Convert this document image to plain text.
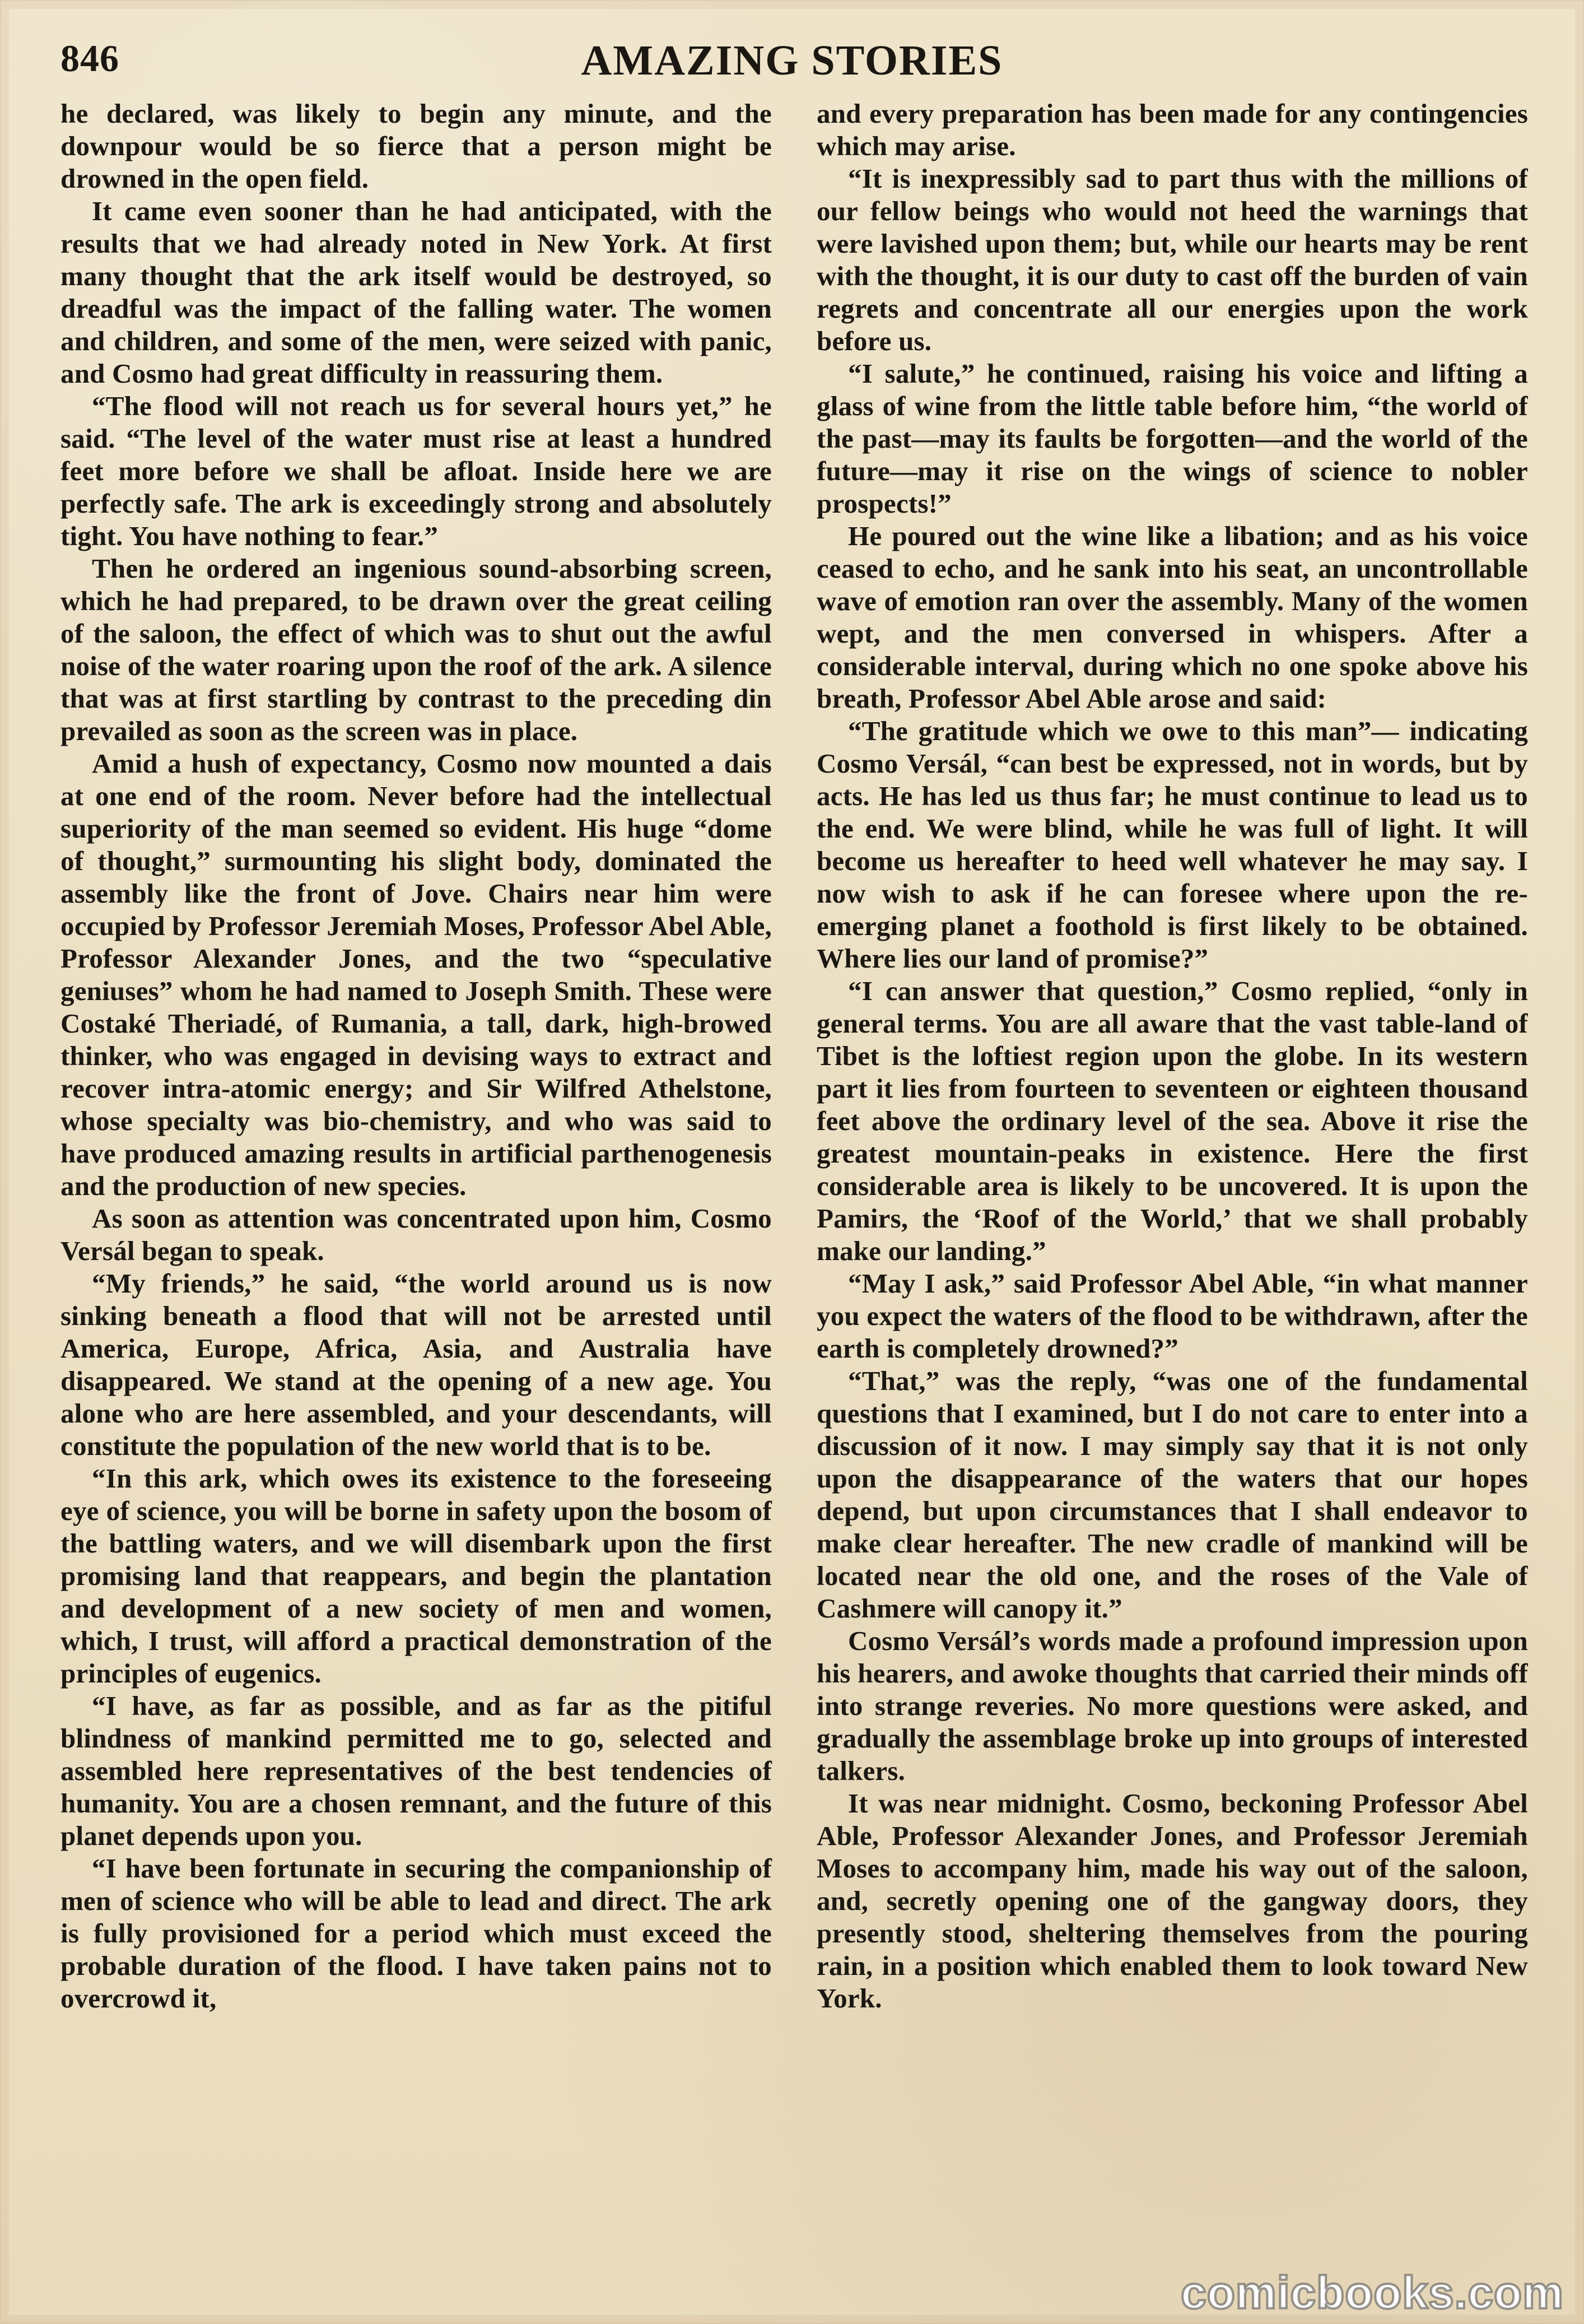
846	AMAZING STORIES

he declared, was likely to begin any minute, and the downpour would be so fierce that a person might be drowned in the open field.

It came even sooner than he had anticipated, with the results that we had already noted in New York. At first many thought that the ark itself would be destroyed, so dreadful was the impact of the falling water. The women and children, and some of the men, were seized with panic, and Cosmo had great difficulty in reassuring them.

“The flood will not reach us for several hours yet,” he said. “The level of the water must rise at least a hundred feet more before we shall be afloat. Inside here we are perfectly safe. The ark is exceedingly strong and absolutely tight. You have nothing to fear.”

Then he ordered an ingenious sound-absorbing screen, which he had prepared, to be drawn over the great ceiling of the saloon, the effect of which was to shut out the awful noise of the water roaring upon the roof of the ark. A silence that was at first startling by contrast to the preceding din prevailed as soon as the screen was in place.

Amid a hush of expectancy, Cosmo now mounted a dais at one end of the room. Never before had the intellectual superiority of the man seemed so evident. His huge “dome of thought,” surmounting his slight body, dominated the assembly like the front of Jove. Chairs near him were occupied by Professor Jeremiah Moses, Professor Abel Able, Professor Alexander Jones, and the two “speculative geniuses” whom he had named to Joseph Smith. These were Costaké Theriadé, of Rumania, a tall, dark, high-browed thinker, who was engaged in devising ways to extract and recover intra-atomic energy; and Sir Wilfred Athelstone, whose specialty was bio-chemistry, and who was said to have produced amazing results in artificial parthenogenesis and the production of new species.

As soon as attention was concentrated upon him, Cosmo Versál began to speak.

“My friends,” he said, “the world around us is now sinking beneath a flood that will not be arrested until America, Europe, Africa, Asia, and Australia have disappeared. We stand at the opening of a new age. You alone who are here assembled, and your descendants, will constitute the population of the new world that is to be.

“In this ark, which owes its existence to the foreseeing eye of science, you will be borne in safety upon the bosom of the battling waters, and we will disembark upon the first promising land that reappears, and begin the plantation and development of a new society of men and women, which, I trust, will afford a practical demonstration of the principles of eugenics.

“I have, as far as possible, and as far as the pitiful blindness of mankind permitted me to go, selected and assembled here representatives of the best tendencies of humanity. You are a chosen remnant, and the future of this planet depends upon you.

“I have been fortunate in securing the companionship of men of science who will be able to lead and direct. The ark is fully provisioned for a period which must exceed the probable duration of the flood. I have taken pains not to overcrowd it,

and every preparation has been made for any contingencies which may arise.

“It is inexpressibly sad to part thus with the millions of our fellow beings who would not heed the warnings that were lavished upon them; but, while our hearts may be rent with the thought, it is our duty to cast off the burden of vain regrets and concentrate all our energies upon the work before us.

“I salute,” he continued, raising his voice and lifting a glass of wine from the little table before him, “the world of the past—may its faults be forgotten—and the world of the future—may it rise on the wings of science to nobler prospects!”

He poured out the wine like a libation; and as his voice ceased to echo, and he sank into his seat, an uncontrollable wave of emotion ran over the assembly. Many of the women wept, and the men conversed in whispers. After a considerable interval, during which no one spoke above his breath, Professor Abel Able arose and said:

“The gratitude which we owe to this man”— indicating Cosmo Versál, “can best be expressed, not in words, but by acts. He has led us thus far; he must continue to lead us to the end. We were blind, while he was full of light. It will become us hereafter to heed well whatever he may say. I now wish to ask if he can foresee where upon the re-emerging planet a foothold is first likely to be obtained. Where lies our land of promise?”

“I can answer that question,” Cosmo replied, “only in general terms. You are all aware that the vast table-land of Tibet is the loftiest region upon the globe. In its western part it lies from fourteen to seventeen or eighteen thousand feet above the ordinary level of the sea. Above it rise the greatest mountain-peaks in existence. Here the first considerable area is likely to be uncovered. It is upon the Pamirs, the ‘Roof of the World,’ that we shall probably make our landing.”

“May I ask,” said Professor Abel Able, “in what manner you expect the waters of the flood to be withdrawn, after the earth is completely drowned?”

“That,” was the reply, “was one of the fundamental questions that I examined, but I do not care to enter into a discussion of it now. I may simply say that it is not only upon the disappearance of the waters that our hopes depend, but upon circumstances that I shall endeavor to make clear hereafter. The new cradle of mankind will be located near the old one, and the roses of the Vale of Cashmere will canopy it.”

Cosmo Versál’s words made a profound impression upon his hearers, and awoke thoughts that carried their minds off into strange reveries. No more questions were asked, and gradually the assemblage broke up into groups of interested talkers.

It was near midnight. Cosmo, beckoning Professor Abel Able, Professor Alexander Jones, and Professor Jeremiah Moses to accompany him, made his way out of the saloon, and, secretly opening one of the gangway doors, they presently stood, sheltering themselves from the pouring rain, in a position which enabled them to look toward New York.

comicbooks.com
